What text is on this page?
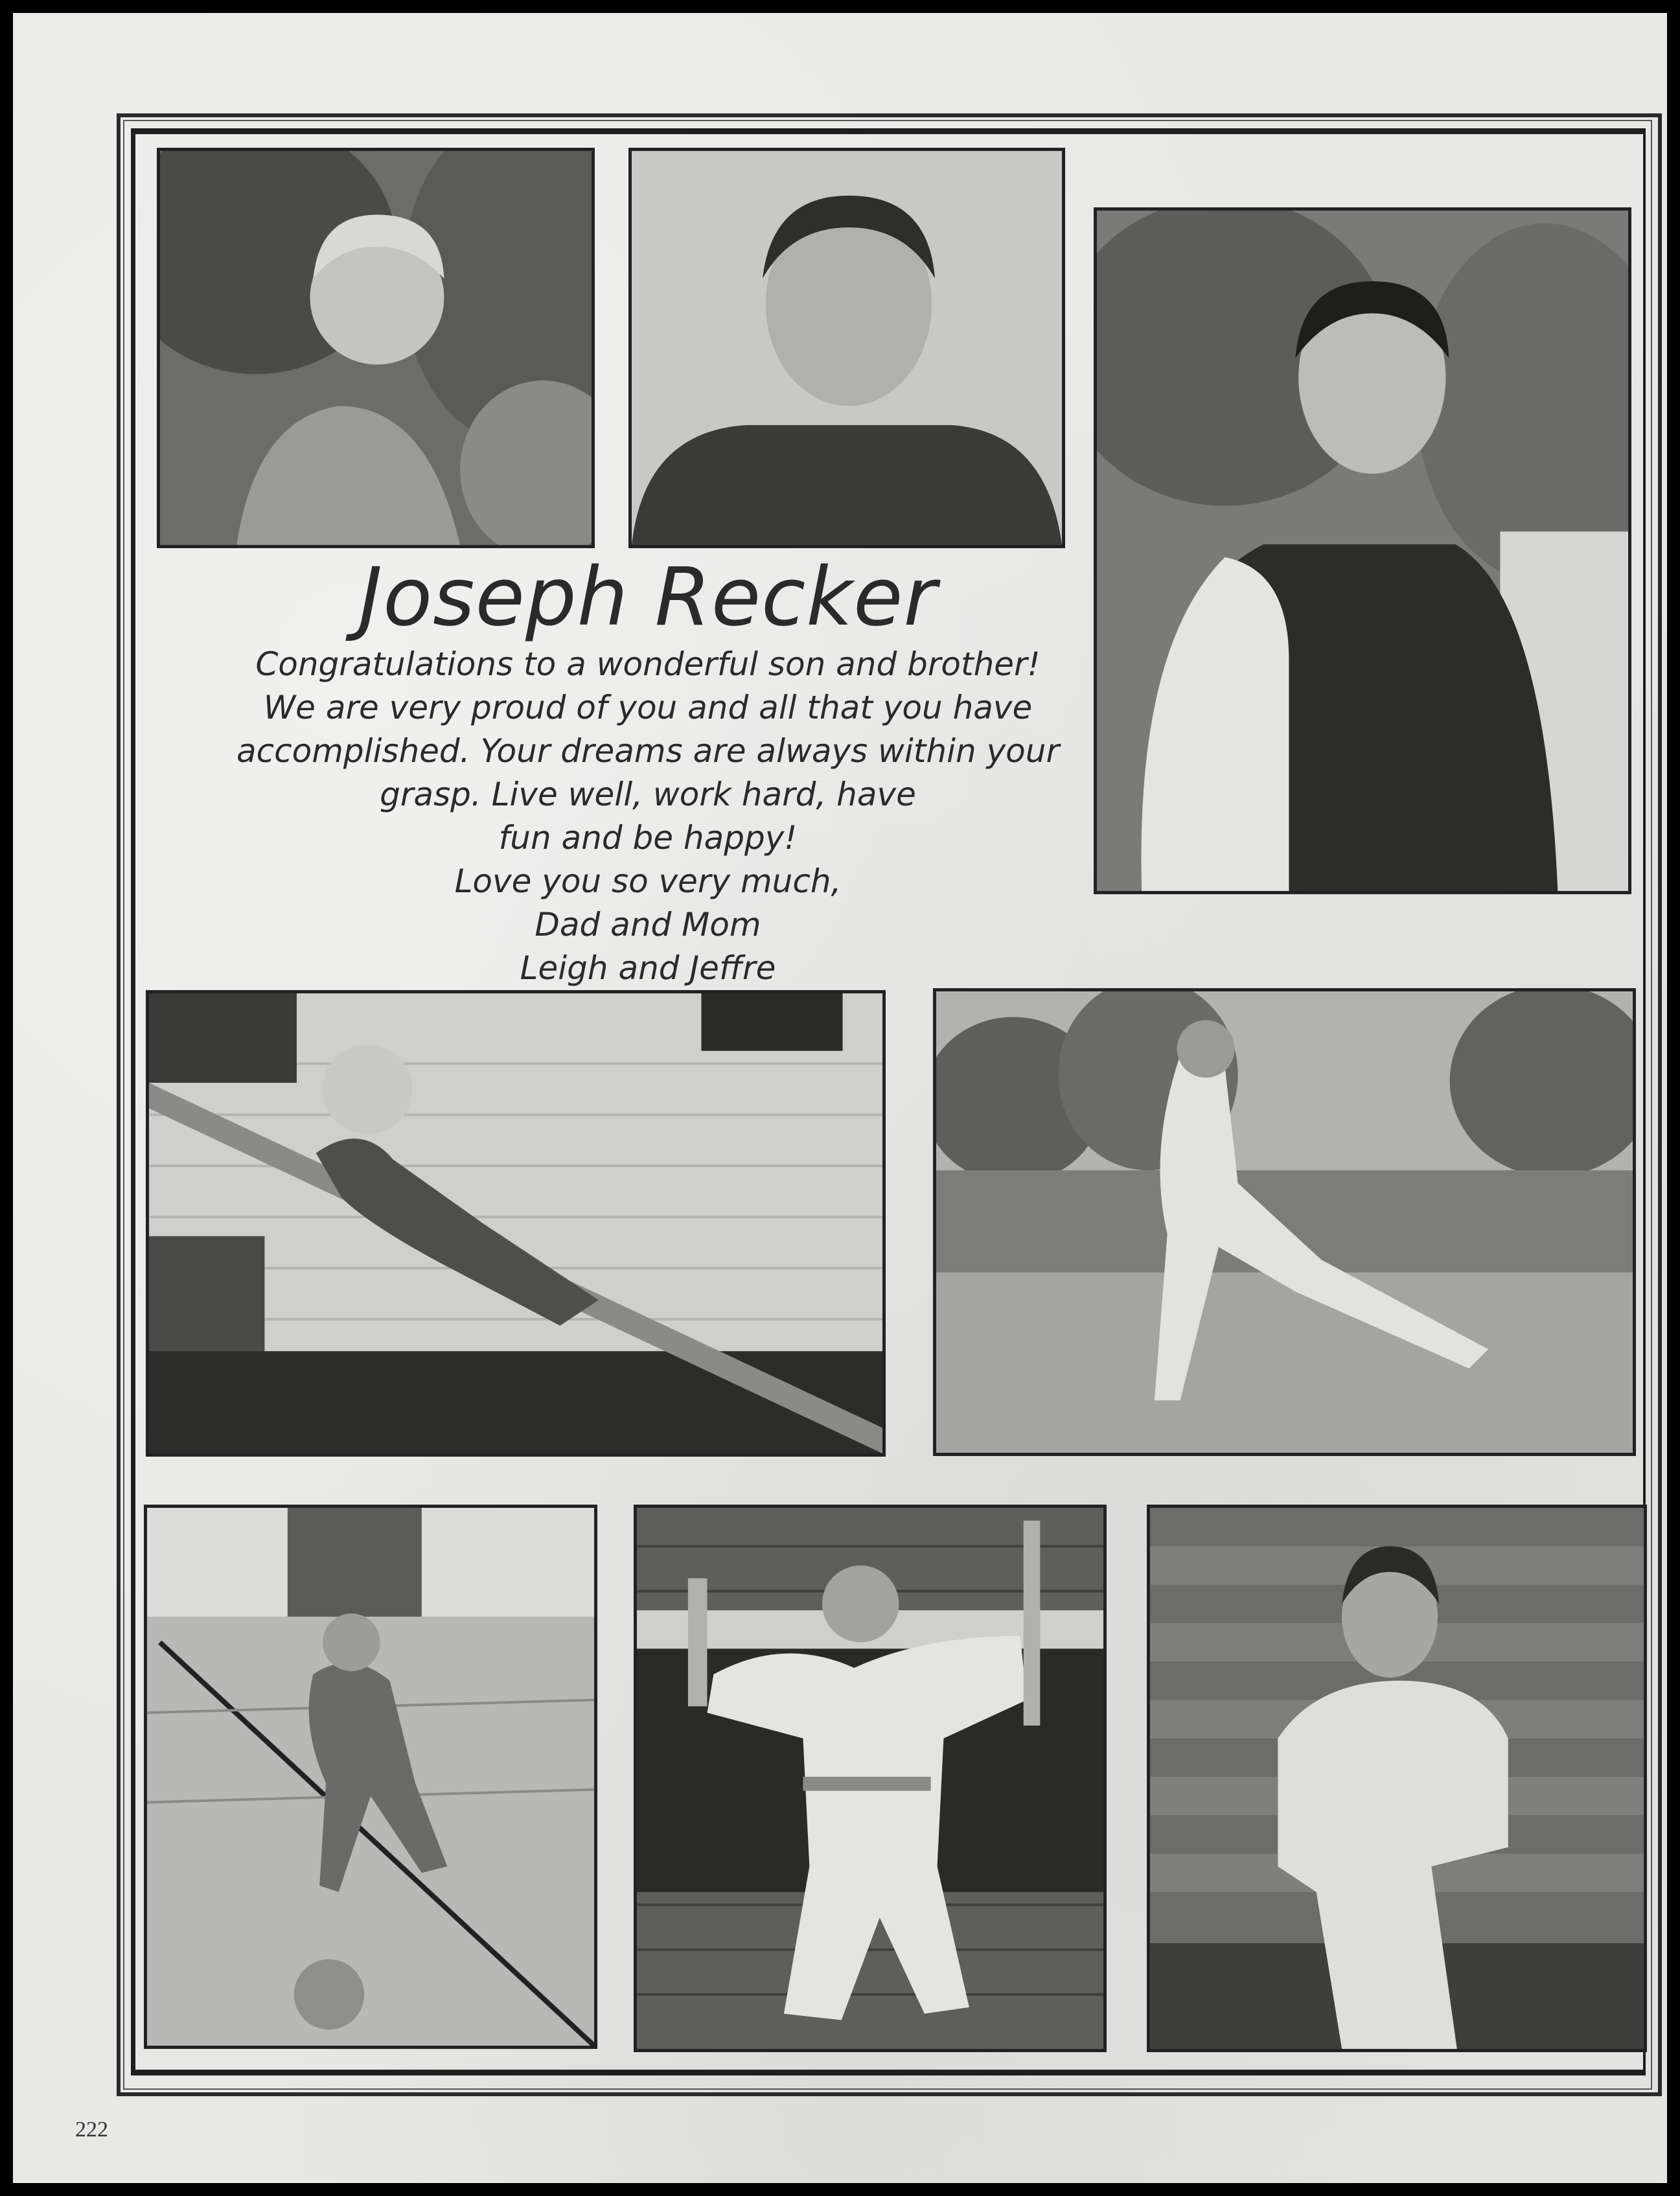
Joseph Recker
Congratulations to a wonderful son and brother!
We are very proud of you and all that you have
accomplished. Your dreams are always within your
grasp. Live well, work hard, have
fun and be happy!
Love you so very much,
Dad and Mom
Leigh and Jeffre
222
